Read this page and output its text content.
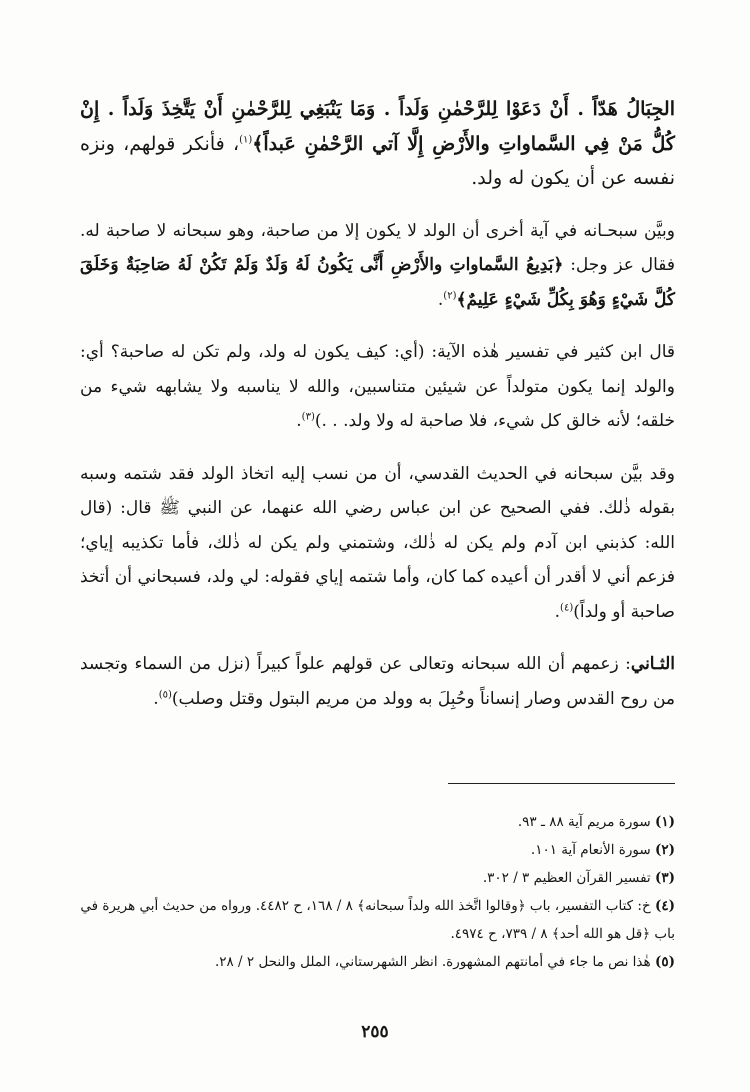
الجِبَالُ هَدّاً . أَنْ دَعَوْا لِلرَّحْمٰنِ وَلَداً . وَمَا يَنْبَغِي لِلرَّحْمٰنِ أَنْ يَتَّخِذَ وَلَداً . إِنْ كُلُّ مَنْ فِي السَّماواتِ والأَرْضِ إِلَّا آتي الرَّحْمٰنِ عَبداً﴾$^{(١)}$، فأنكر قولهم، ونزه نفسه عن أن يكون له ولد.

وبيَّن سبحـانه في آية أخرى أن الولد لا يكون إلا من صاحبة، وهو سبحانه لا صاحبة له. فقال عز وجل: ﴿بَدِيعُ السَّماواتِ والأَرْضِ أَنَّى يَكُونُ لَهُ وَلَدٌ وَلَمْ تَكُنْ لَهُ صَاحِبَةٌ وَخَلَقَ كُلَّ شَيْءٍ وَهُوَ بِكُلِّ شَيْءٍ عَلِيمٌ﴾$^{(٢)}$.

قال ابن كثير في تفسير هٰذه الآية: (أي: كيف يكون له ولد، ولم تكن له صاحبة؟ أي: والولد إنما يكون متولداً عن شيئين متناسبين، والله لا يناسبه ولا يشابهه شيء من خلقه؛ لأنه خالق كل شيء، فلا صاحبة له ولا ولد. . .)$^{(٣)}$.

وقد بيَّن سبحانه في الحديث القدسي، أن من نسب إليه اتخاذ الولد فقد شتمه وسبه بقوله ذٰلك. ففي الصحيح عن ابن عباس رضي الله عنهما، عن النبي ﷺ قال: (قال الله: كذبني ابن آدم ولم يكن له ذٰلك، وشتمني ولم يكن له ذٰلك، فأما تكذيبه إياي؛ فزعم أني لا أقدر أن أعيده كما كان، وأما شتمه إياي فقوله: لي ولد، فسبحاني أن أتخذ صاحبة أو ولداً)$^{(٤)}$.

الثـاني: زعمهم أن الله سبحانه وتعالى عن قولهم علواً كبيراً (نزل من السماء وتجسد من روح القدس وصار إنساناً وحُبِلَ به وولد من مريم البتول وقتل وصلب)$^{(٥)}$.

(١) سورة مريم آية ٨٨ ـ ٩٣.
(٢) سورة الأنعام آية ١٠١.
(٣) تفسير القرآن العظيم ٣ / ٣٠٢.
(٤) خ: كتاب التفسير، باب ﴿وقالوا اتَّخذ الله ولداً سبحانه﴾ ٨ / ١٦٨، ح ٤٤٨٢. ورواه من حديث أبي هريرة في باب ﴿قل هو الله أحد﴾ ٨ / ٧٣٩، ح ٤٩٧٤.
(٥) هٰذا نص ما جاء في أمانتهم المشهورة. انظر الشهرستاني، الملل والنحل ٢ / ٢٨.
٢٥٥
